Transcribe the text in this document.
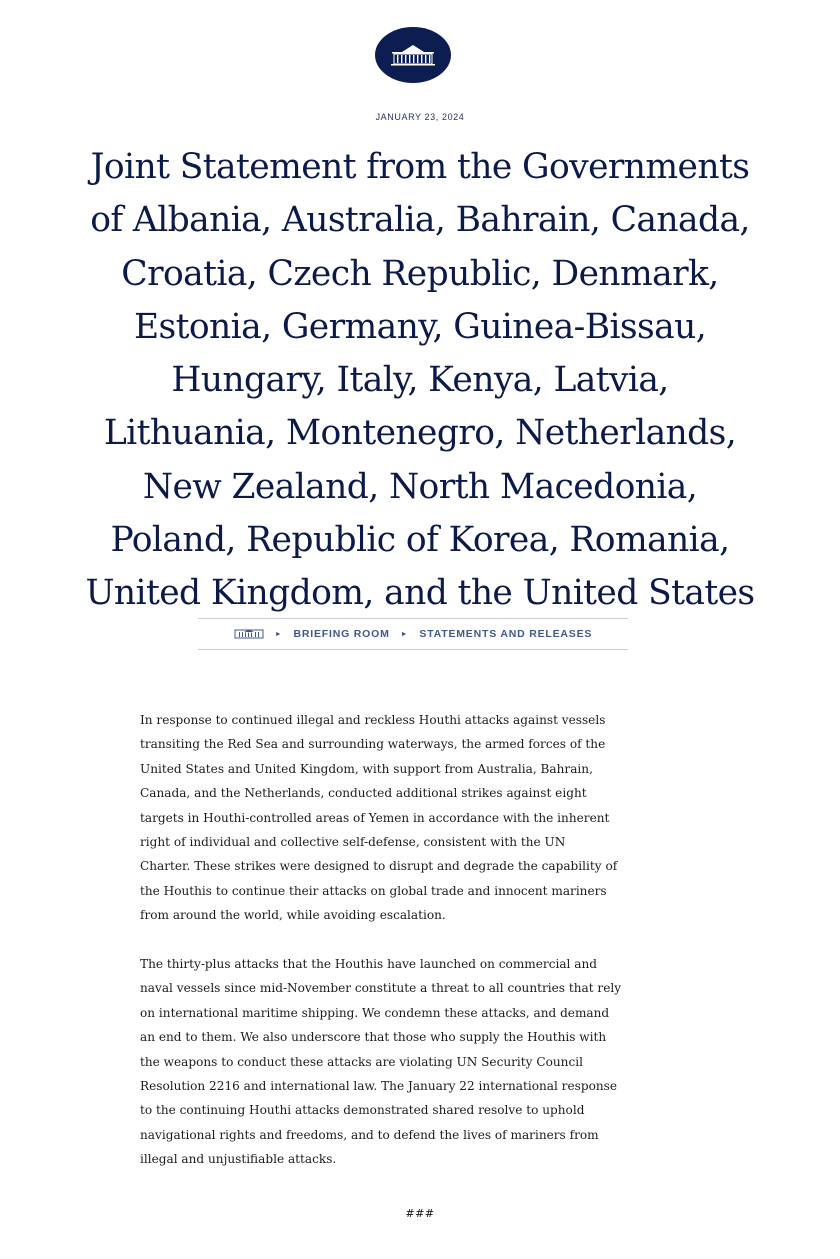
JANUARY 23, 2024
Joint Statement from the Governments
of Albania, Australia, Bahrain, Canada,
Croatia, Czech Republic, Denmark,
Estonia, Germany, Guinea-Bissau,
Hungary, Italy, Kenya, Latvia,
Lithuania, Montenegro, Netherlands,
New Zealand, North Macedonia,
Poland, Republic of Korea, Romania,
United Kingdom, and the United States
► BRIEFING ROOM ► STATEMENTS AND RELEASES

In response to continued illegal and reckless Houthi attacks against vessels
transiting the Red Sea and surrounding waterways, the armed forces of the
United States and United Kingdom, with support from Australia, Bahrain,
Canada, and the Netherlands, conducted additional strikes against eight
targets in Houthi-controlled areas of Yemen in accordance with the inherent
right of individual and collective self-defense, consistent with the UN
Charter. These strikes were designed to disrupt and degrade the capability of
the Houthis to continue their attacks on global trade and innocent mariners
from around the world, while avoiding escalation.

The thirty-plus attacks that the Houthis have launched on commercial and
naval vessels since mid-November constitute a threat to all countries that rely
on international maritime shipping. We condemn these attacks, and demand
an end to them. We also underscore that those who supply the Houthis with
the weapons to conduct these attacks are violating UN Security Council
Resolution 2216 and international law. The January 22 international response
to the continuing Houthi attacks demonstrated shared resolve to uphold
navigational rights and freedoms, and to defend the lives of mariners from
illegal and unjustifiable attacks.

###
